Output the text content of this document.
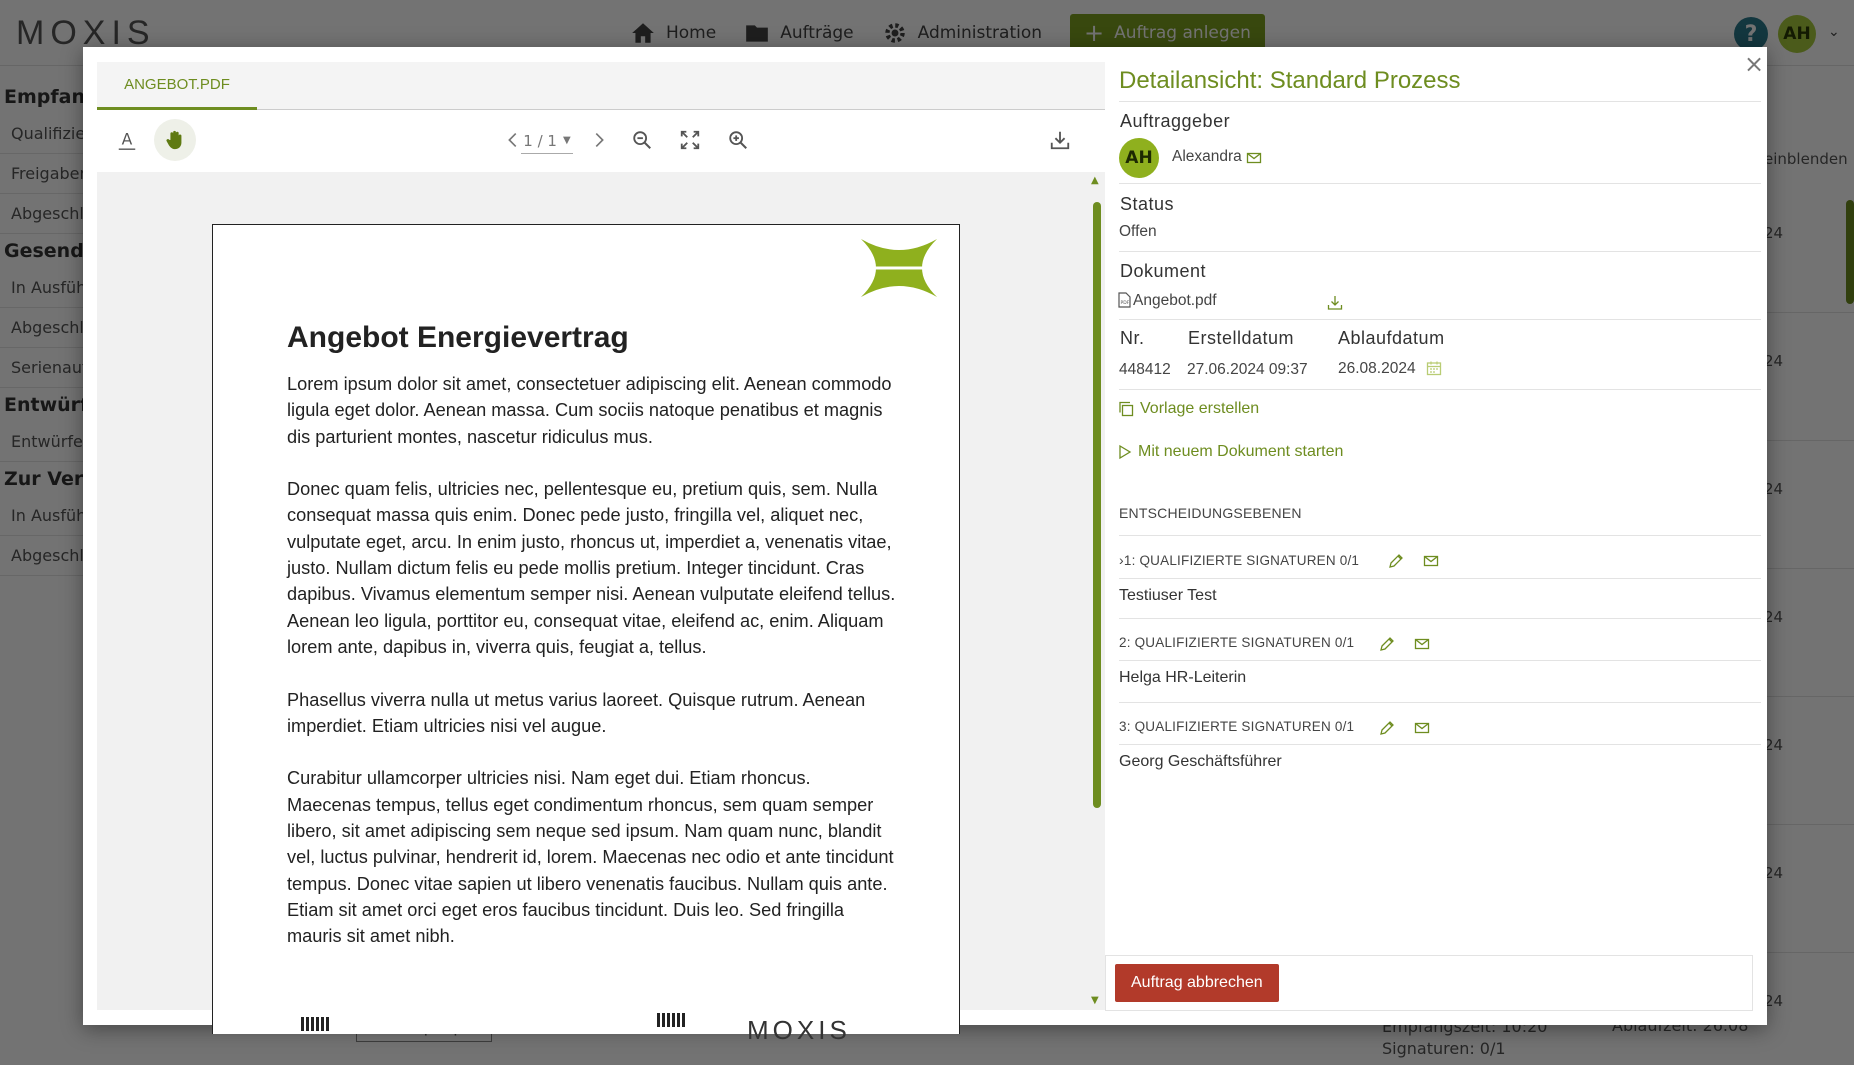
×
ANGEBOT.PDF
A	1 / 1 ▼
▲
▼
Angebot Energievertrag

Lorem ipsum dolor sit amet, consectetuer adipiscing elit. Aenean commodo ligula eget dolor. Aenean massa. Cum sociis natoque penatibus et magnis dis parturient montes, nascetur ridiculus mus.

Donec quam felis, ultricies nec, pellentesque eu, pretium quis, sem. Nulla consequat massa quis enim. Donec pede justo, fringilla vel, aliquet nec, vulputate eget, arcu. In enim justo, rhoncus ut, imperdiet a, venenatis vitae, justo. Nullam dictum felis eu pede mollis pretium. Integer tincidunt. Cras dapibus. Vivamus elementum semper nisi. Aenean vulputate eleifend tellus. Aenean leo ligula, porttitor eu, consequat vitae, eleifend ac, enim. Aliquam lorem ante, dapibus in, viverra quis, feugiat a, tellus.

Phasellus viverra nulla ut metus varius laoreet. Quisque rutrum. Aenean imperdiet. Etiam ultricies nisi vel augue.

Curabitur ullamcorper ultricies nisi. Nam eget dui. Etiam rhoncus. Maecenas tempus, tellus eget condimentum rhoncus, sem quam semper libero, sit amet adipiscing sem neque sed ipsum. Nam quam nunc, blandit vel, luctus pulvinar, hendrerit id, lorem. Maecenas nec odio et ante tincidunt tempus. Donec vitae sapien ut libero venenatis faucibus. Nullam quis ante. Etiam sit amet orci eget eros faucibus tincidunt. Duis leo. Sed fringilla mauris sit amet nibh.

MOXIS
Detailansicht: Standard Prozess
Auftraggeber
AH Alexandra
Status
Offen
Dokument
PDF Angebot.pdf
Nr. Erstelldatum Ablaufdatum
448412 27.06.2024 09:37 26.08.2024
Vorlage erstellen
Mit neuem Dokument starten
ENTSCHEIDUNGSEBENEN
›1: QUALIFIZIERTE SIGNATUREN 0/1
Testiuser Test
2: QUALIFIZIERTE SIGNATUREN 0/1
Helga HR-Leiterin
3: QUALIFIZIERTE SIGNATUREN 0/1
Georg Geschäftsführer
Auftrag abbrechen
